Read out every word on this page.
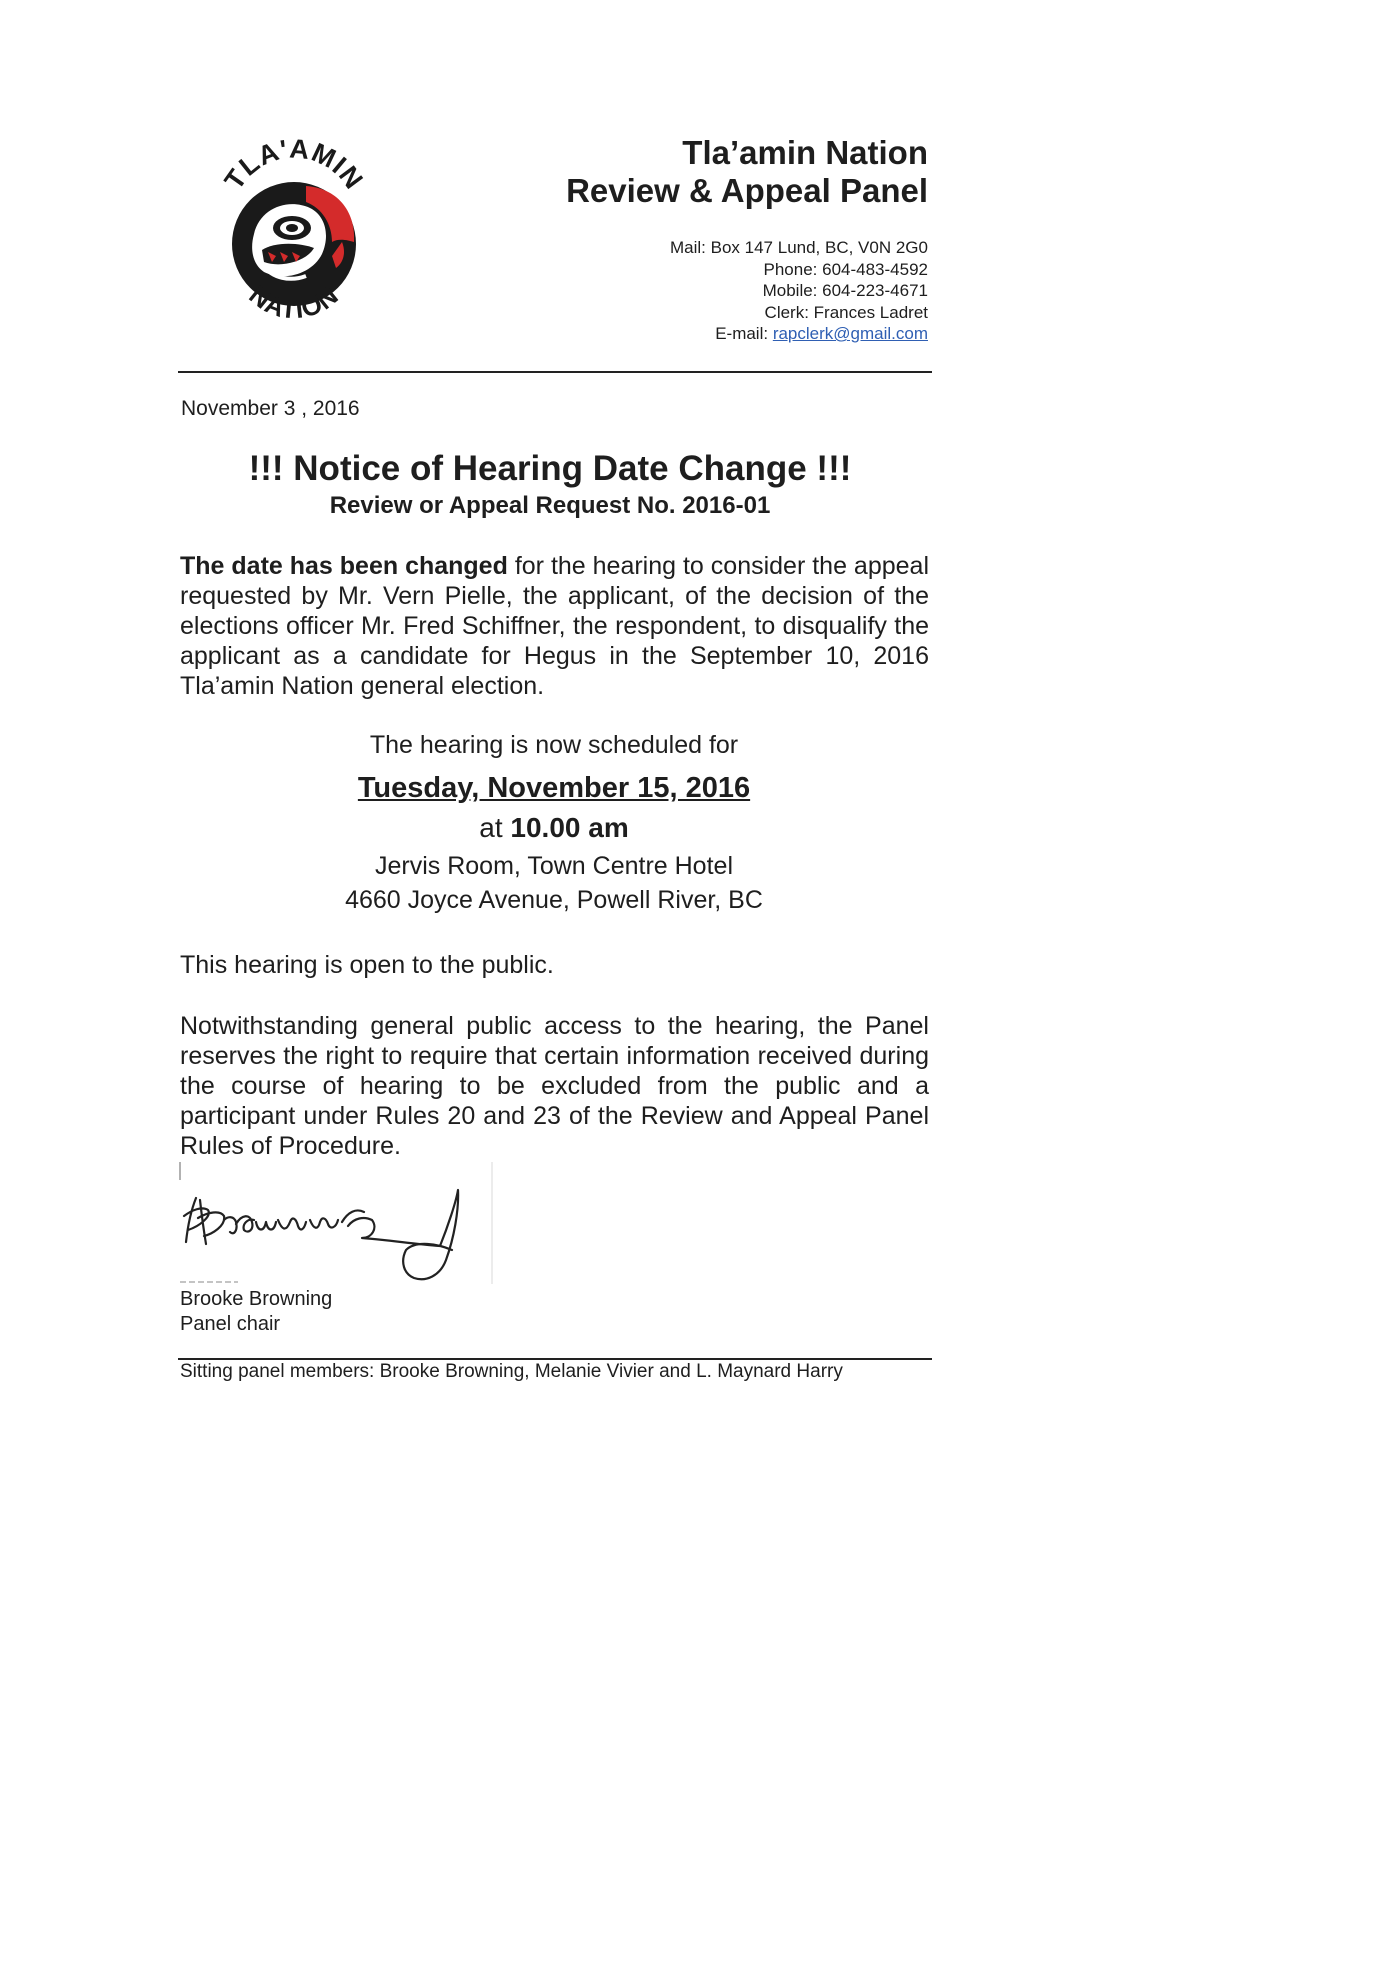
TLA'AMIN
NATION
Tla’amin Nation
Review & Appeal Panel
Mail: Box 147 Lund, BC, V0N 2G0
Phone: 604-483-4592
Mobile: 604-223-4671
Clerk: Frances Ladret
E-mail: rapclerk@gmail.com
November 3 , 2016
!!! Notice of Hearing Date Change !!!
Review or Appeal Request No. 2016-01
The date has been changed for the hearing to consider the appeal requested by Mr. Vern Pielle, the applicant, of the decision of the elections officer Mr. Fred Schiffner, the respondent, to disqualify the applicant as a candidate for Hegus in the September 10, 2016 Tla’amin Nation general election.
The hearing is now scheduled for
Tuesday, November 15, 2016
at 10.00 am
Jervis Room, Town Centre Hotel
4660 Joyce Avenue, Powell River, BC
This hearing is open to the public.
Notwithstanding general public access to the hearing, the Panel reserves the right to require that certain information received during the course of hearing to be excluded from the public and a participant under Rules 20 and 23 of the Review and Appeal Panel Rules of Procedure.
Brooke Browning
Panel chair
Sitting panel members: Brooke Browning, Melanie Vivier and L. Maynard Harry
